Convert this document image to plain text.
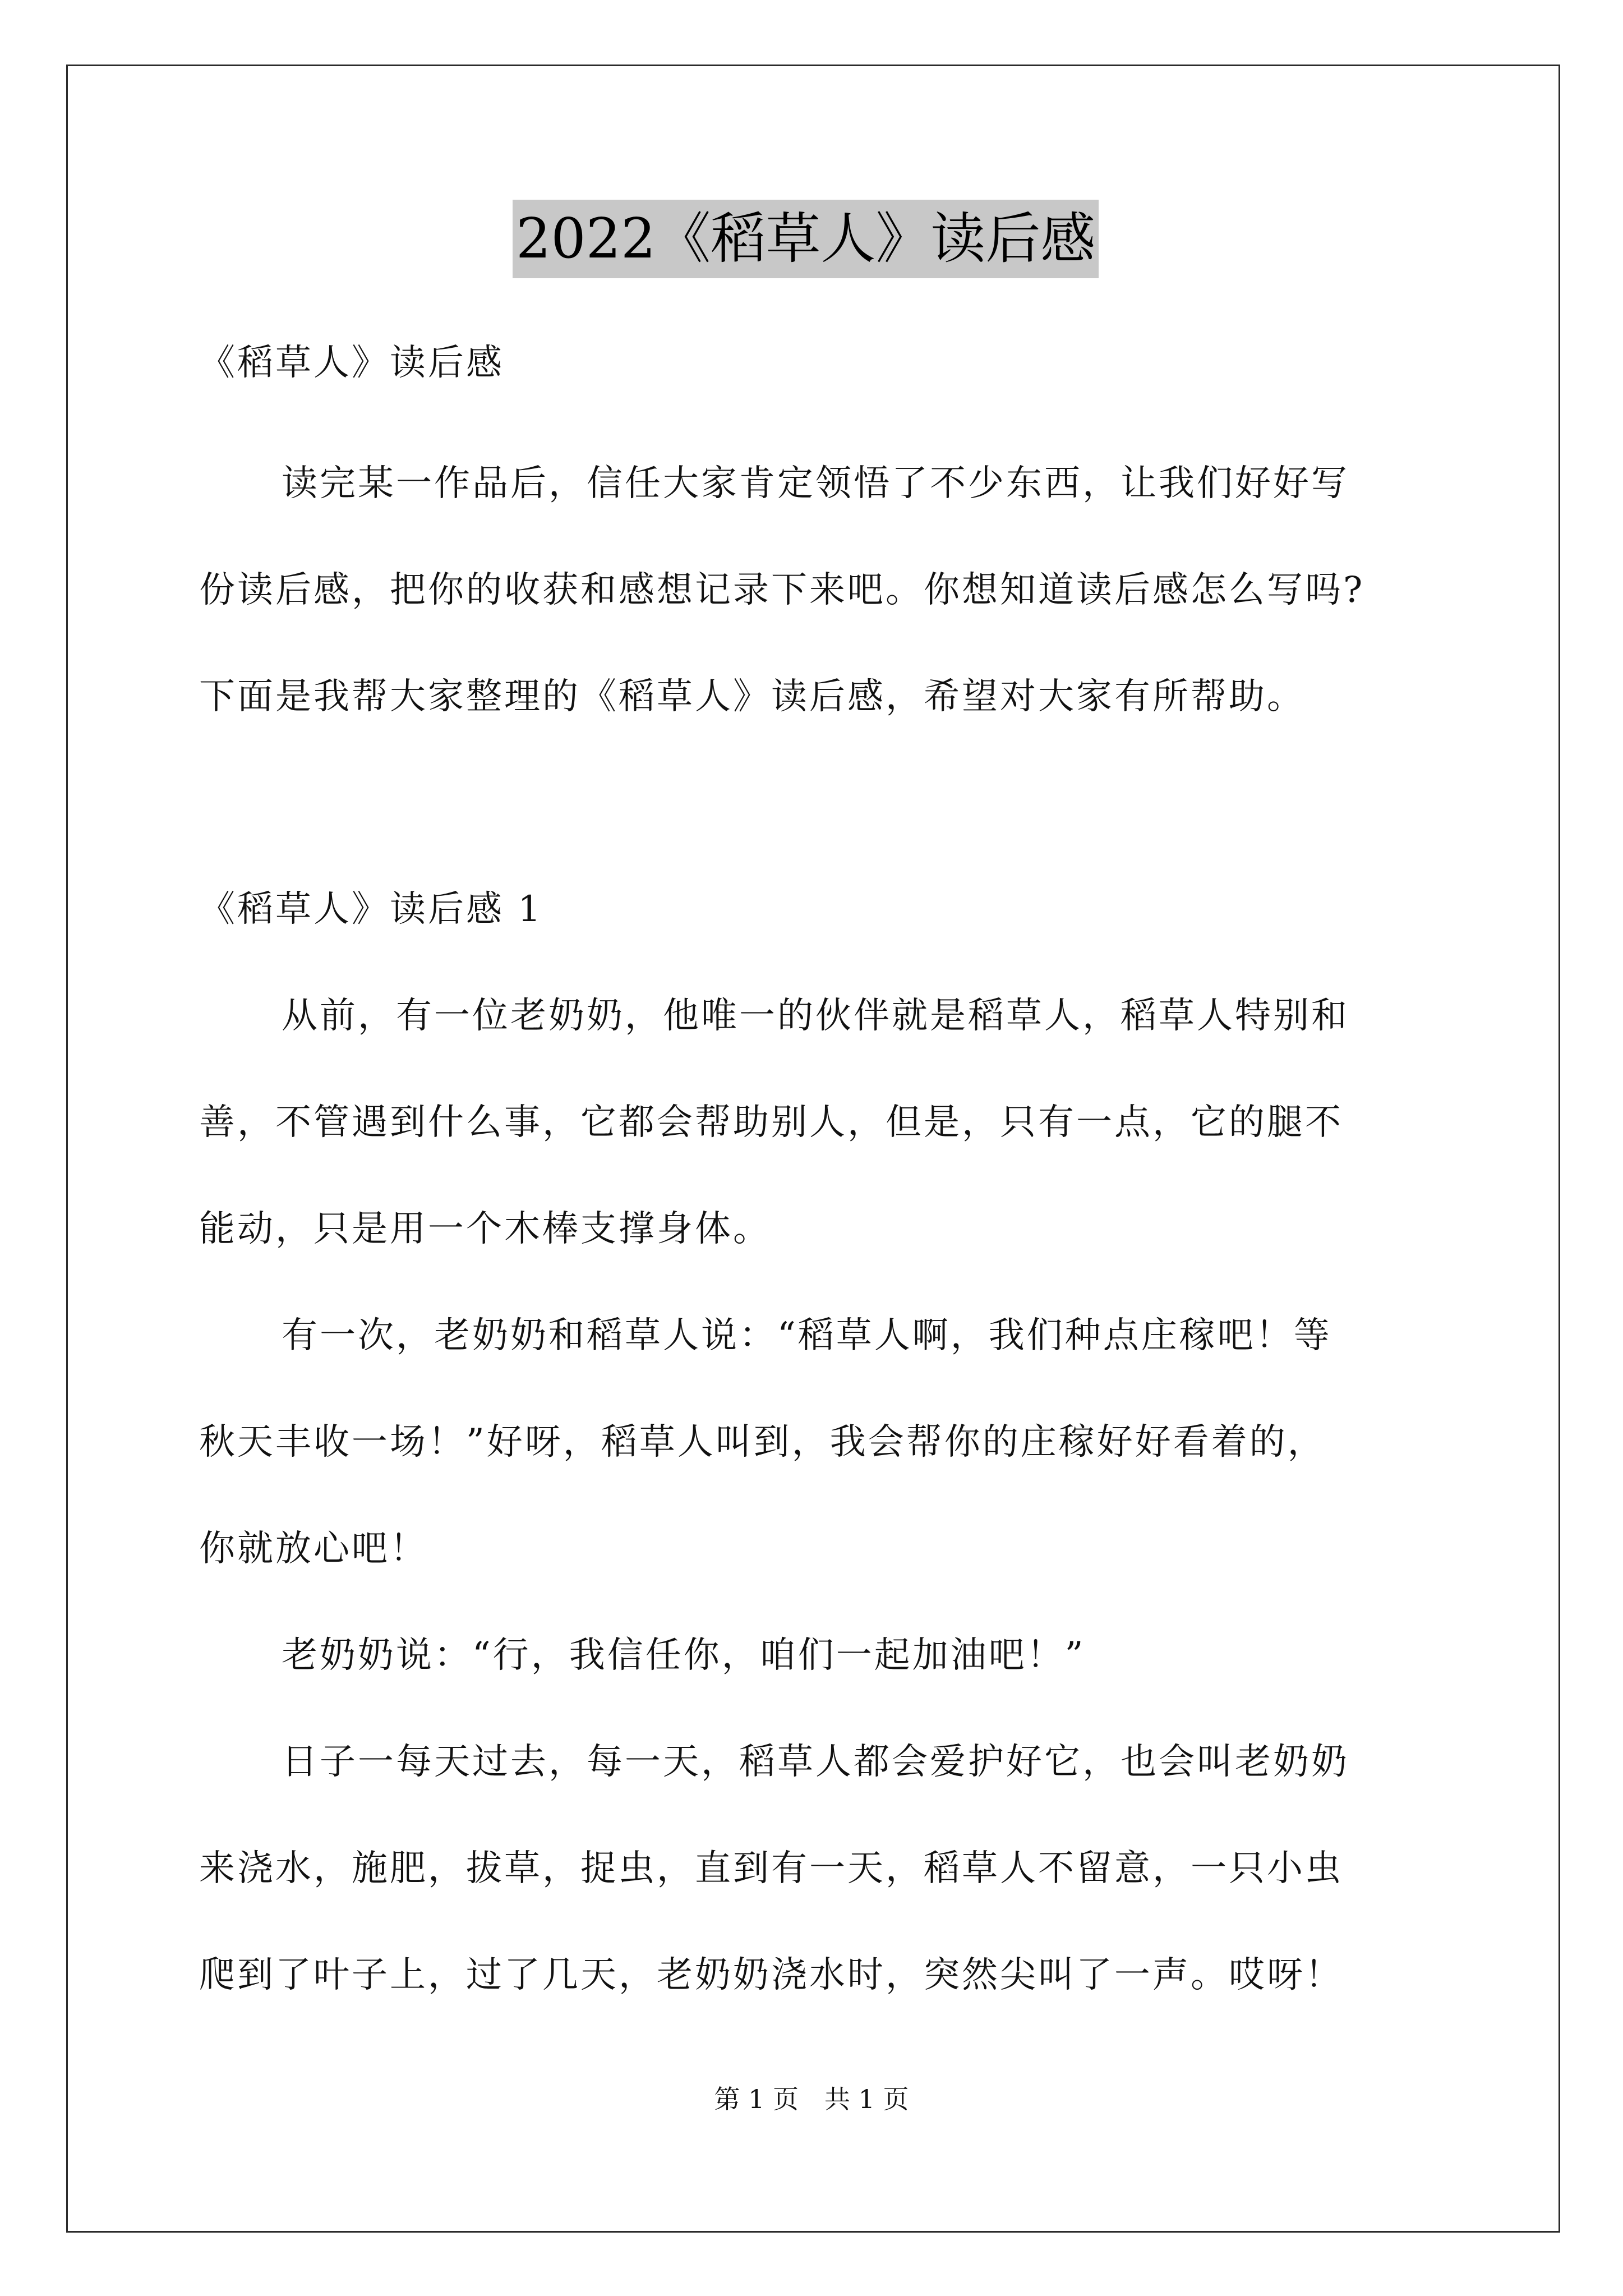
2022《稻草人》读后感
《稻草人》读后感
读完某一作品后，信任大家肯定领悟了不少东西，让我们好好写
份读后感，把你的收获和感想记录下来吧。你想知道读后感怎么写吗?
下面是我帮大家整理的《稻草人》读后感，希望对大家有所帮助。
《稻草人》读后感 1
从前，有一位老奶奶，他唯一的伙伴就是稻草人，稻草人特别和
善，不管遇到什么事，它都会帮助别人，但是，只有一点，它的腿不
能动，只是用一个木棒支撑身体。
有一次，老奶奶和稻草人说：“稻草人啊，我们种点庄稼吧！等
秋天丰收一场！”好呀，稻草人叫到，我会帮你的庄稼好好看着的，
你就放心吧！
老奶奶说：“行，我信任你，咱们一起加油吧！”
日子一每天过去，每一天，稻草人都会爱护好它，也会叫老奶奶
来浇水，施肥，拔草，捉虫，直到有一天，稻草人不留意，一只小虫
爬到了叶子上，过了几天，老奶奶浇水时，突然尖叫了一声。哎呀！
第 1 页 共 1 页
